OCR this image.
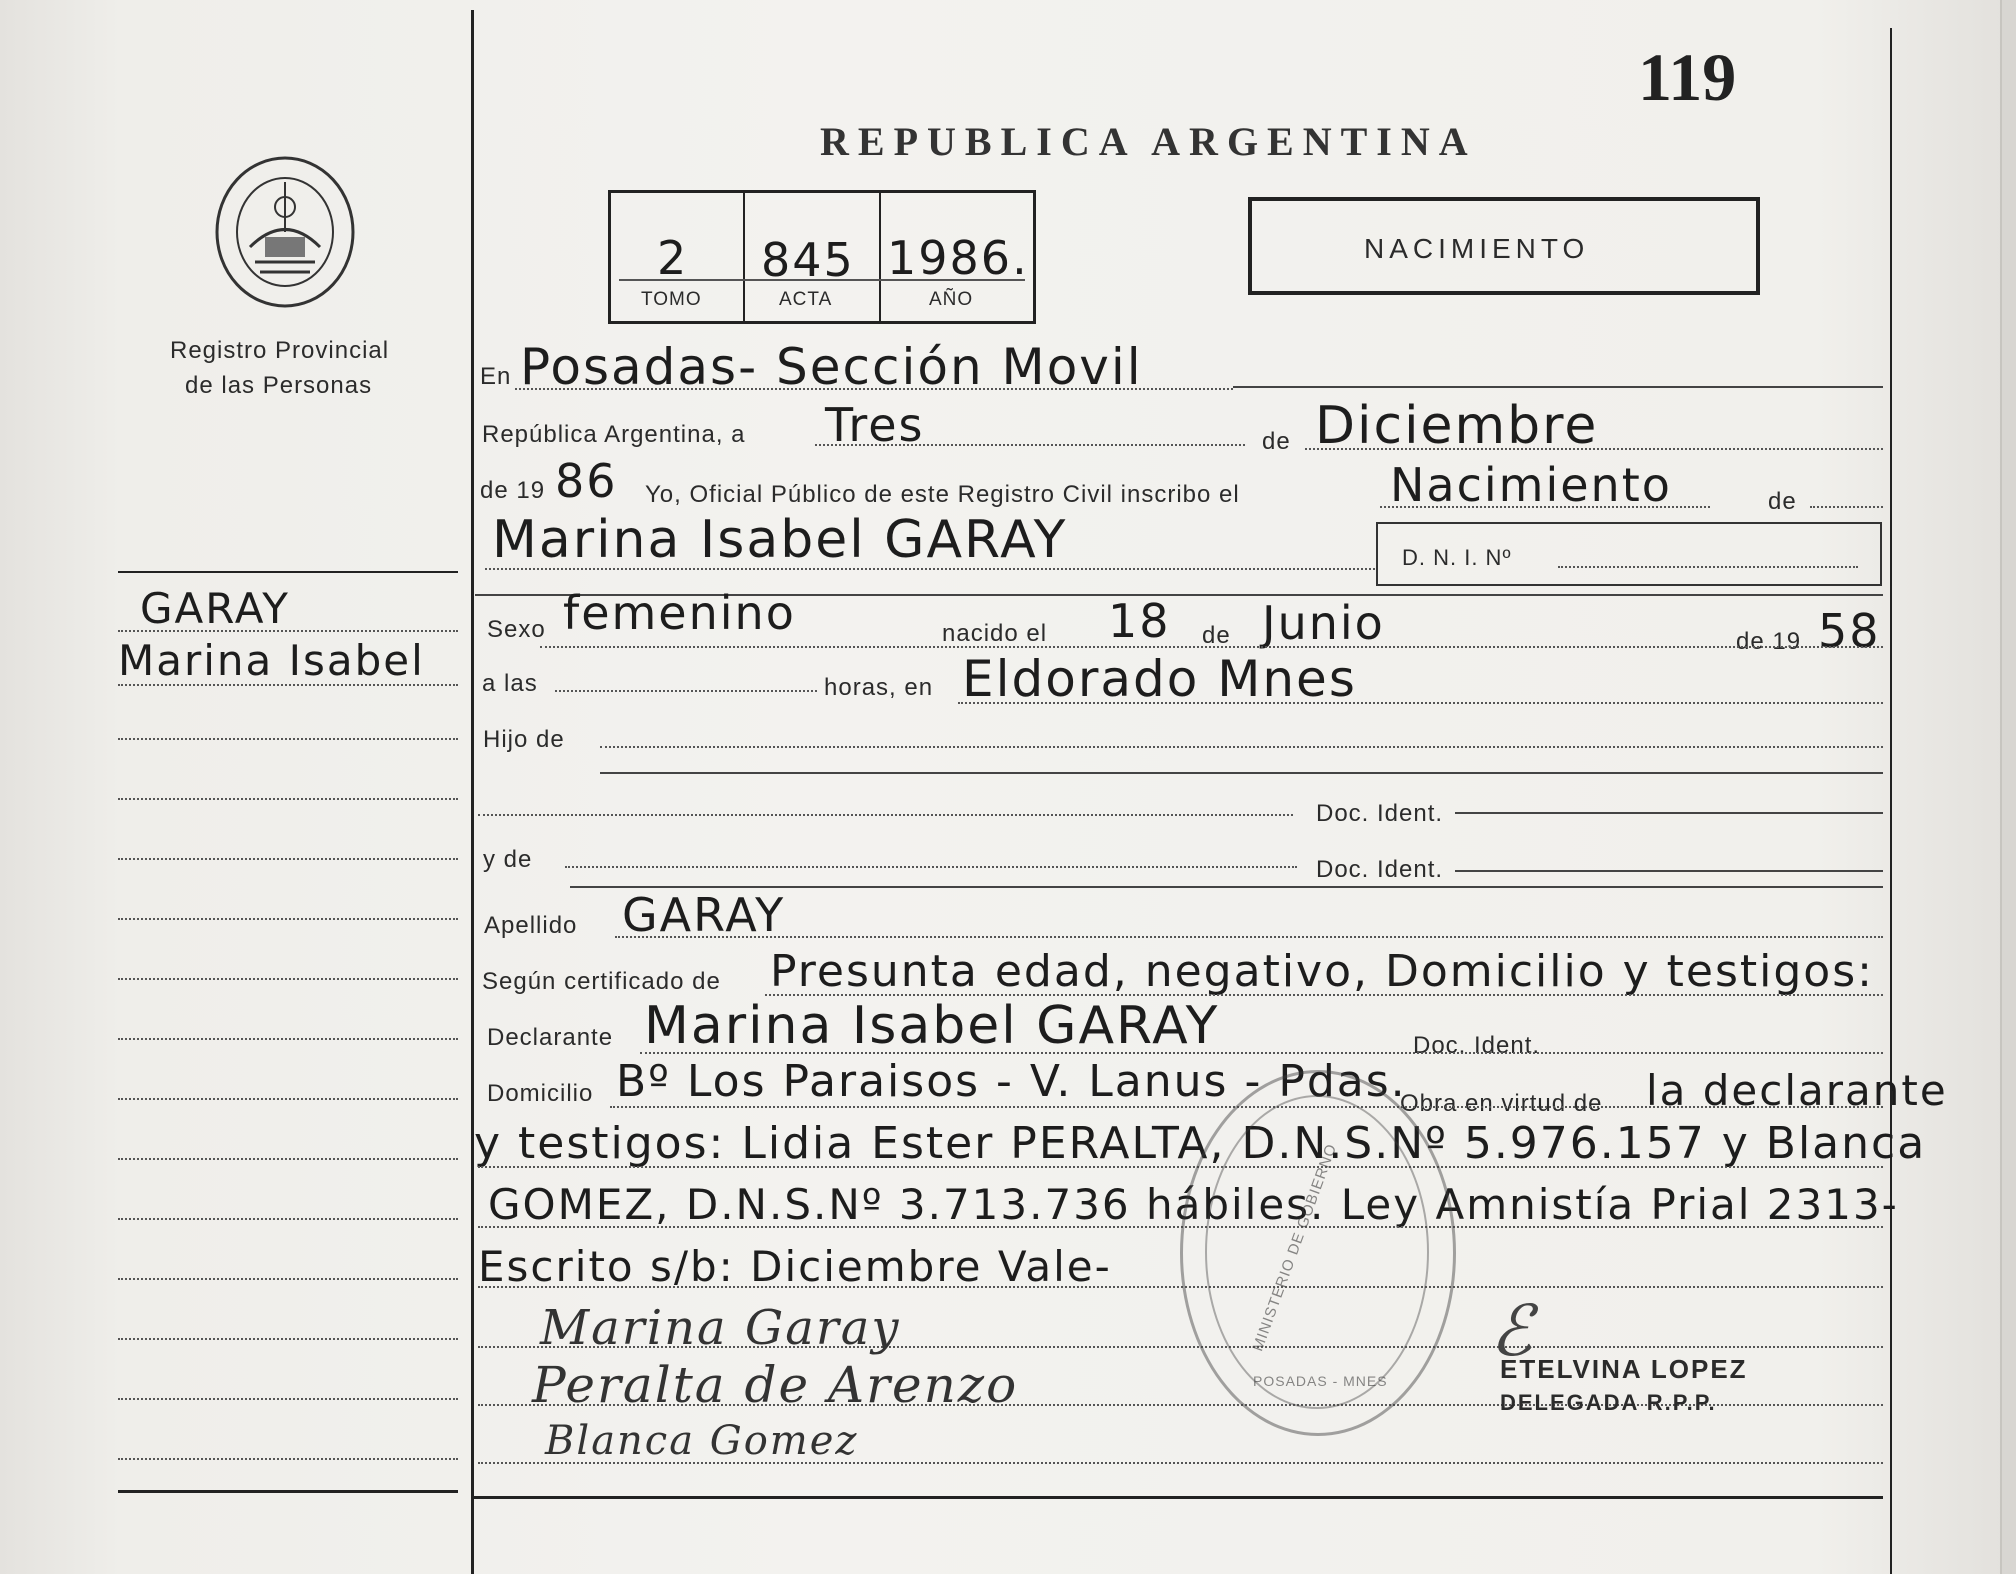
119
REPUBLICA ARGENTINA
Registro Provincial
de las Personas
2 845 1986.
TOMO	ACTA	AÑO
NACIMIENTO
GARAY
Marina Isabel
En Posadas- Sección Movil
República Argentina, a Tres	de Diciembre
de 19 86 Yo, Oficial Público de este Registro Civil inscribo el	Nacimiento	de
Marina Isabel GARAY	D. N. I. Nº
Sexo femenino	nacido el 18 de Junio	de 19 58
a las	horas, en Eldorado Mnes
Hijo de
Doc. Ident.
y de	Doc. Ident.
Apellido GARAY
Según certificado de Presunta edad, negativo, Domicilio y testigos:
Declarante Marina Isabel GARAY	Doc. Ident.
Domicilio Bº Los Paraisos - V. Lanus - Pdas.
Obra en virtud de la declarante
y testigos: Lidia Ester PERALTA, D.N.S.Nº 5.976.157 y Blanca
GOMEZ, D.N.S.Nº 3.713.736 hábiles. Ley Amnistía Prial 2313-
Escrito s/b: Diciembre Vale-
Marina Garay
Peralta de Arenzo
Blanca Gomez
MINISTERIO DE GOBIERNO
POSADAS - MNES
ℰ
ETELVINA LOPEZ
DELEGADA R.P.P.
